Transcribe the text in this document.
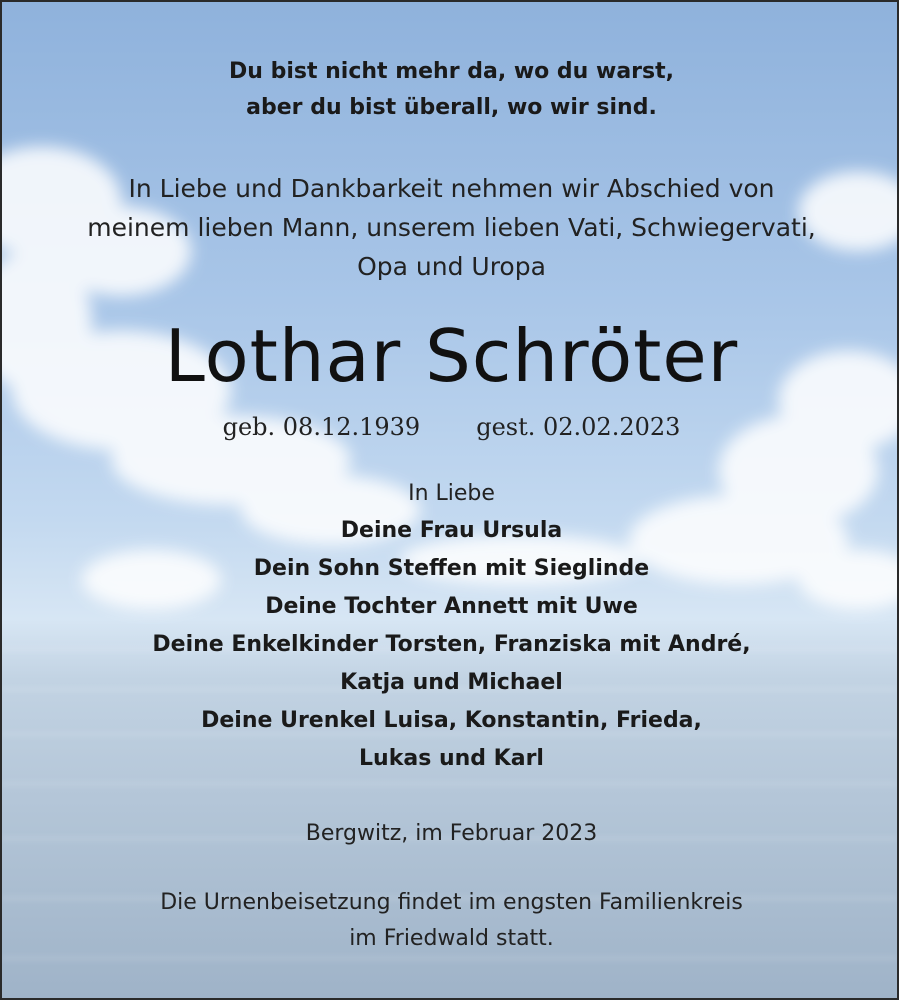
Du bist nicht mehr da, wo du warst,
aber du bist überall, wo wir sind.
In Liebe und Dankbarkeit nehmen wir Abschied von
meinem lieben Mann, unserem lieben Vati, Schwiegervati,
Opa und Uropa
Lothar Schröter
geb. 08.12.1939 gest. 02.02.2023
In Liebe
Deine Frau Ursula
Dein Sohn Steffen mit Sieglinde
Deine Tochter Annett mit Uwe
Deine Enkelkinder Torsten, Franziska mit André,
Katja und Michael
Deine Urenkel Luisa, Konstantin, Frieda,
Lukas und Karl
Bergwitz, im Februar 2023
Die Urnenbeisetzung findet im engsten Familienkreis
im Friedwald statt.
